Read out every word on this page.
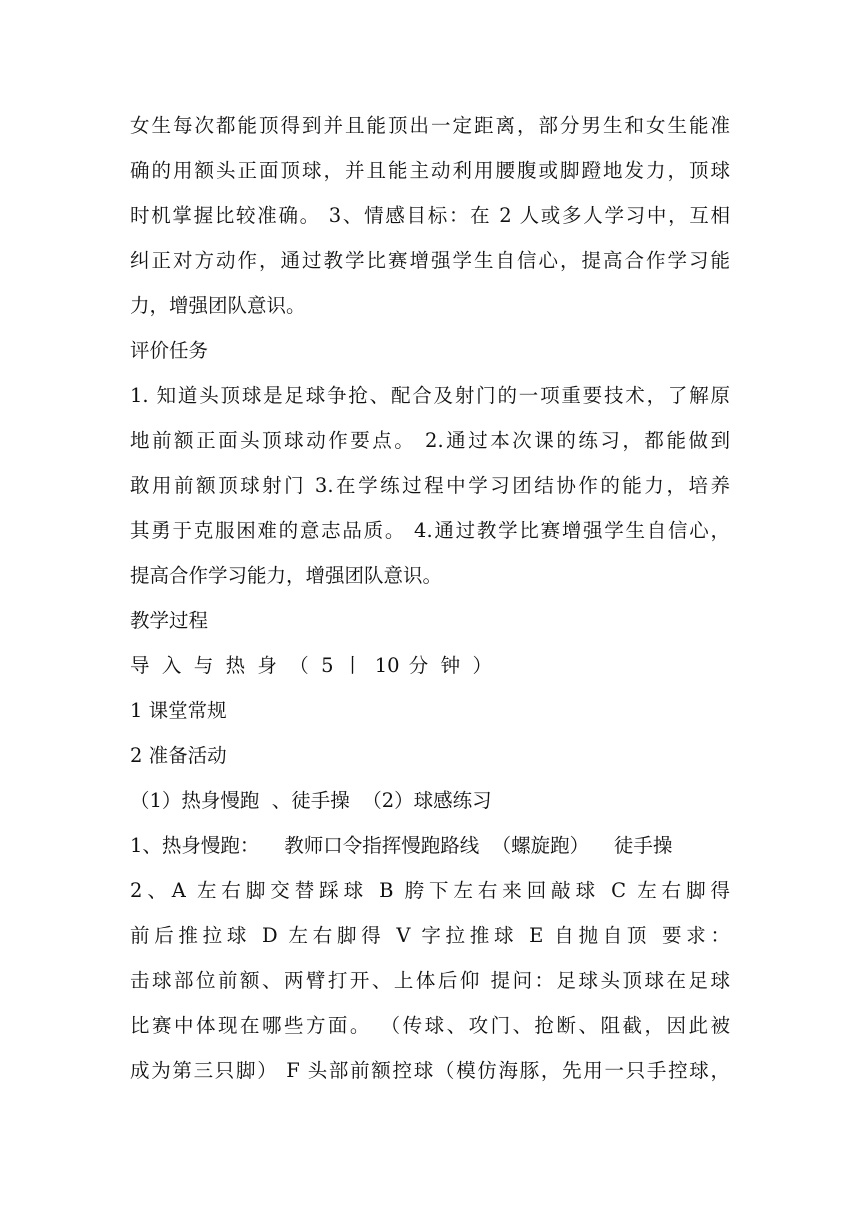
女生每次都能顶得到并且能顶出一定距离，部分男生和女生能准
确的用额头正面顶球，并且能主动利用腰腹或脚蹬地发力，顶球
时机掌握比较准确。 3、情感目标：在 2 人或多人学习中，互相
纠正对方动作，通过教学比赛增强学生自信心，提高合作学习能
力，增强团队意识。
评价任务
1. 知道头顶球是足球争抢、配合及射门的一项重要技术，了解原
地前额正面头顶球动作要点。 2.通过本次课的练习，都能做到
敢用前额顶球射门 3.在学练过程中学习团结协作的能力，培养
其勇于克服困难的意志品质。 4.通过教学比赛增强学生自信心，
提高合作学习能力，增强团队意识。
教学过程
导 入 与 热 身 （ 5 丨 10 分 钟 ）
1 课堂常规
2 准备活动
（1）热身慢跑  、徒手操  （2）球感练习
1、热身慢跑：    教师口令指挥慢跑路线  （螺旋跑）    徒手操
2、A 左右脚交替踩球 B 胯下左右来回敲球 C 左右脚得
前后推拉球 D 左右脚得 V 字拉推球 E 自抛自顶 要求：
击球部位前额、两臂打开、上体后仰 提问：足球头顶球在足球
比赛中体现在哪些方面。 （传球、攻门、抢断、阻截，因此被
成为第三只脚） F 头部前额控球（模仿海豚，先用一只手控球，
